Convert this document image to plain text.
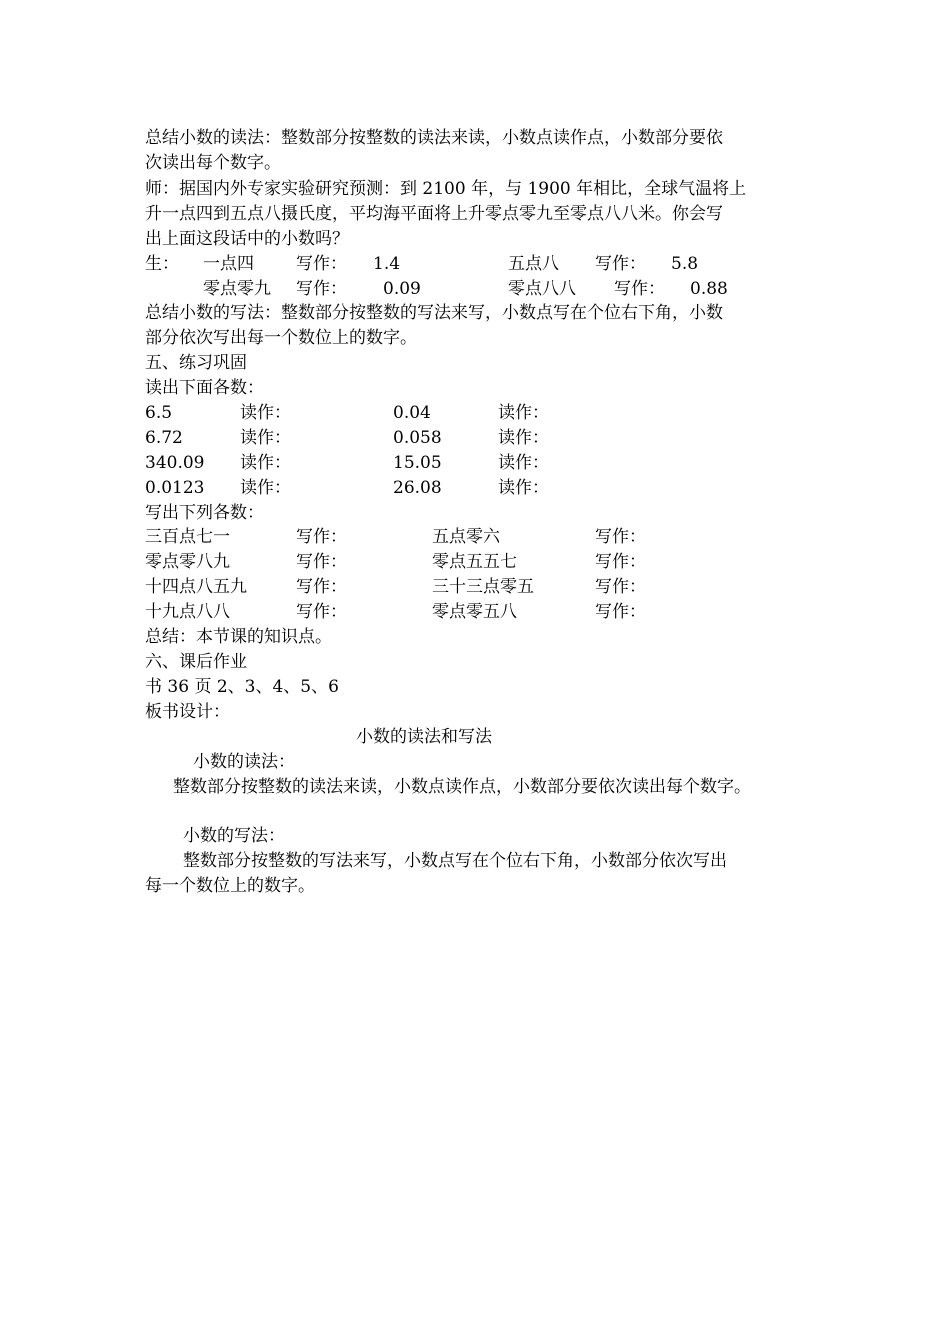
总结小数的读法：整数部分按整数的读法来读，小数点读作点，小数部分要依

次读出每个数字。

师：据国内外专家实验研究预测：到 2100 年，与 1900 年相比，全球气温将上

升一点四到五点八摄氏度，平均海平面将上升零点零九至零点八八米。你会写

出上面这段话中的小数吗？

生： 一点四 写作： 1.4	五点八 写作： 5.8
零点零九 写作： 0.09	零点八八 写作： 0.88

总结小数的写法：整数部分按整数的写法来写，小数点写在个位右下角，小数

部分依次写出每一个数位上的数字。

五、练习巩固

读出下面各数：

6.5	读作：	0.04	读作：
6.72	读作：	0.058	读作：
340.09 读作：	15.05	读作：
0.0123 读作：	26.08	读作：

写出下列各数：

三百点七一	写作：	五点零六	写作：
零点零八九	写作：	零点五五七	写作：
十四点八五九	写作：	三十三点零五	写作：
十九点八八	写作：	零点零五八	写作：

总结：本节课的知识点。

六、课后作业

书 36 页 2、3、4、5、6

板书设计：

小数的读法和写法
小数的读法：
整数部分按整数的读法来读，小数点读作点，小数部分要依次读出每个数字。
小数的写法：
整数部分按整数的写法来写，小数点写在个位右下角，小数部分依次写出
每一个数位上的数字。
